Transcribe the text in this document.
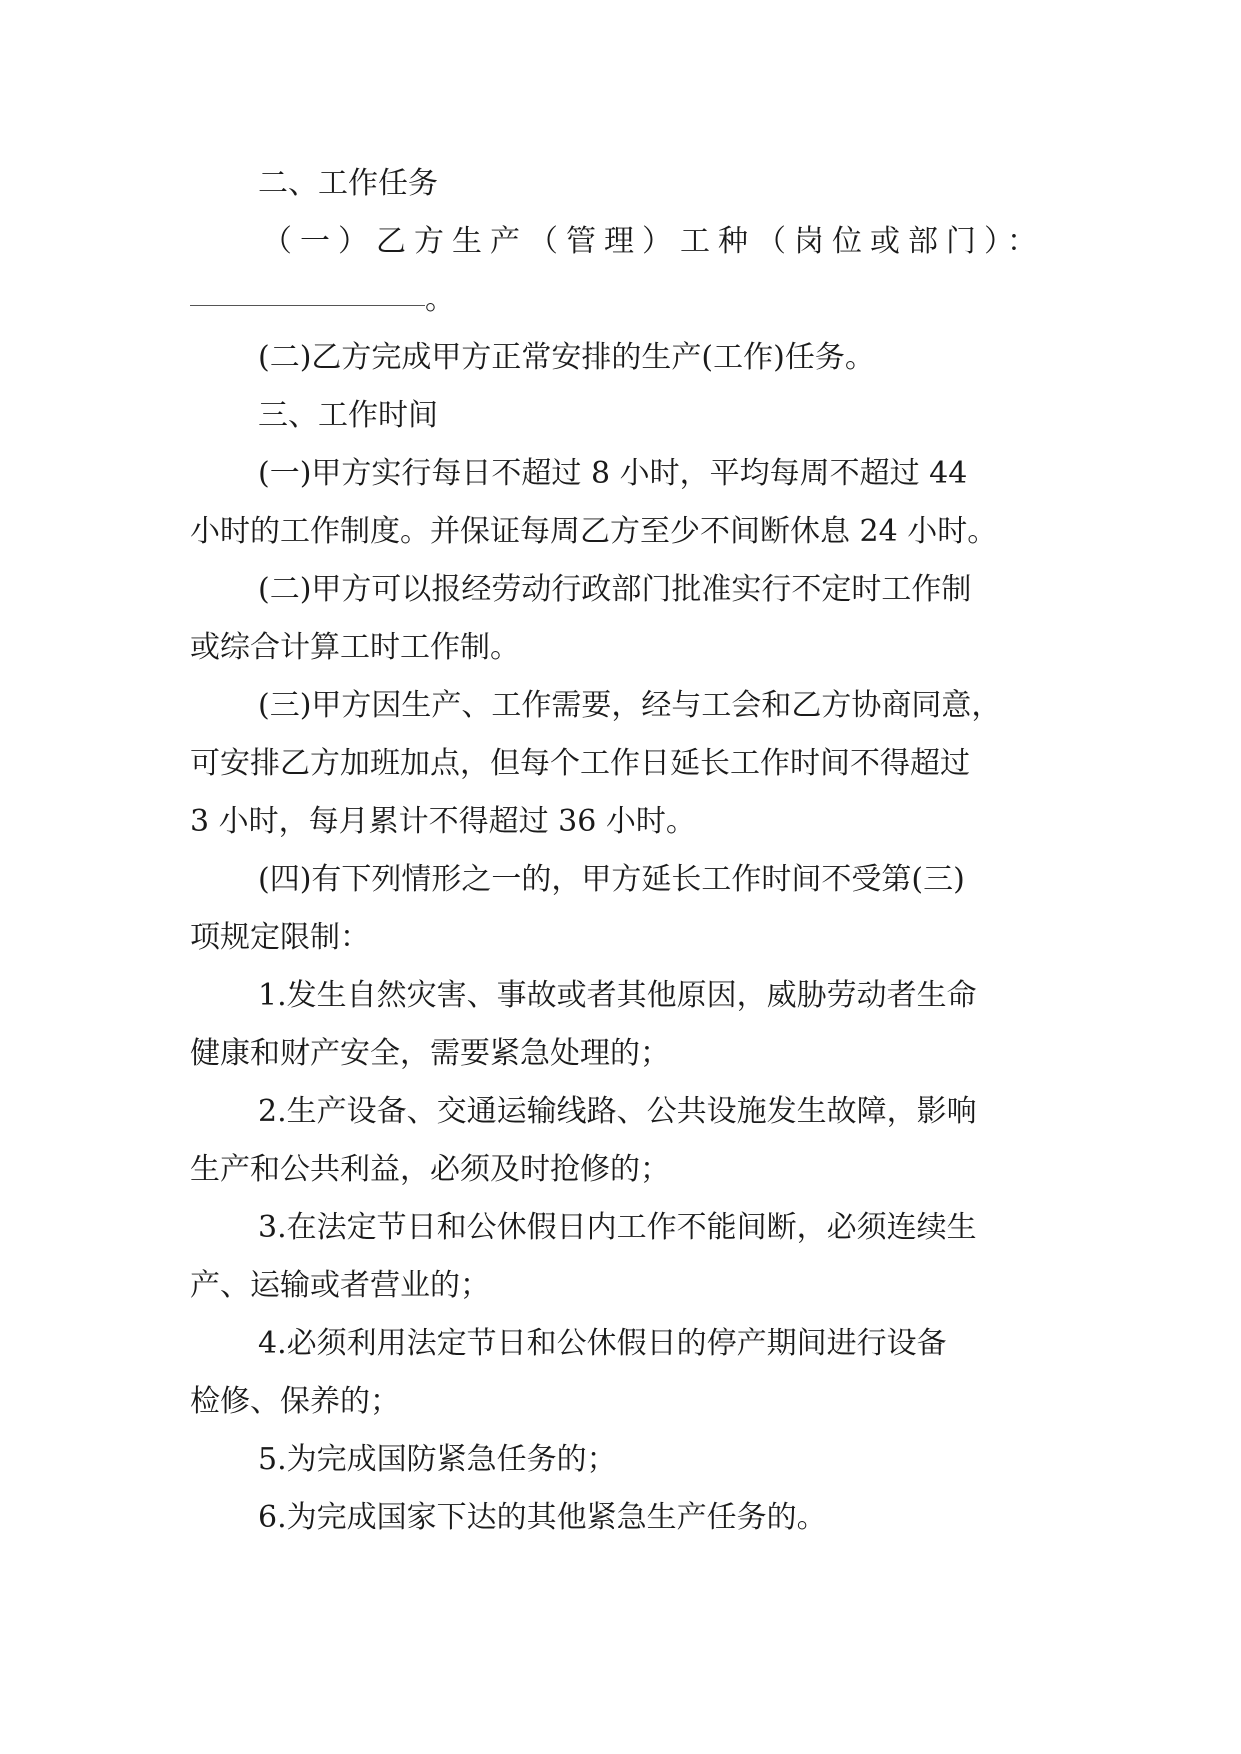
二、工作任务
（一）乙方生产（管理）工种（岗位或部门）：
。
(二)乙方完成甲方正常安排的生产(工作)任务。
三、工作时间
(一)甲方实行每日不超过 8 小时，平均每周不超过 44
小时的工作制度。并保证每周乙方至少不间断休息 24 小时。
(二)甲方可以报经劳动行政部门批准实行不定时工作制
或综合计算工时工作制。
(三)甲方因生产、工作需要，经与工会和乙方协商同意，
可安排乙方加班加点，但每个工作日延长工作时间不得超过
3 小时，每月累计不得超过 36 小时。
(四)有下列情形之一的，甲方延长工作时间不受第(三)
项规定限制：
1.发生自然灾害、事故或者其他原因，威胁劳动者生命
健康和财产安全，需要紧急处理的；
2.生产设备、交通运输线路、公共设施发生故障，影响
生产和公共利益，必须及时抢修的；
3.在法定节日和公休假日内工作不能间断，必须连续生
产、运输或者营业的；
4.必须利用法定节日和公休假日的停产期间进行设备
检修、保养的；
5.为完成国防紧急任务的；
6.为完成国家下达的其他紧急生产任务的。
